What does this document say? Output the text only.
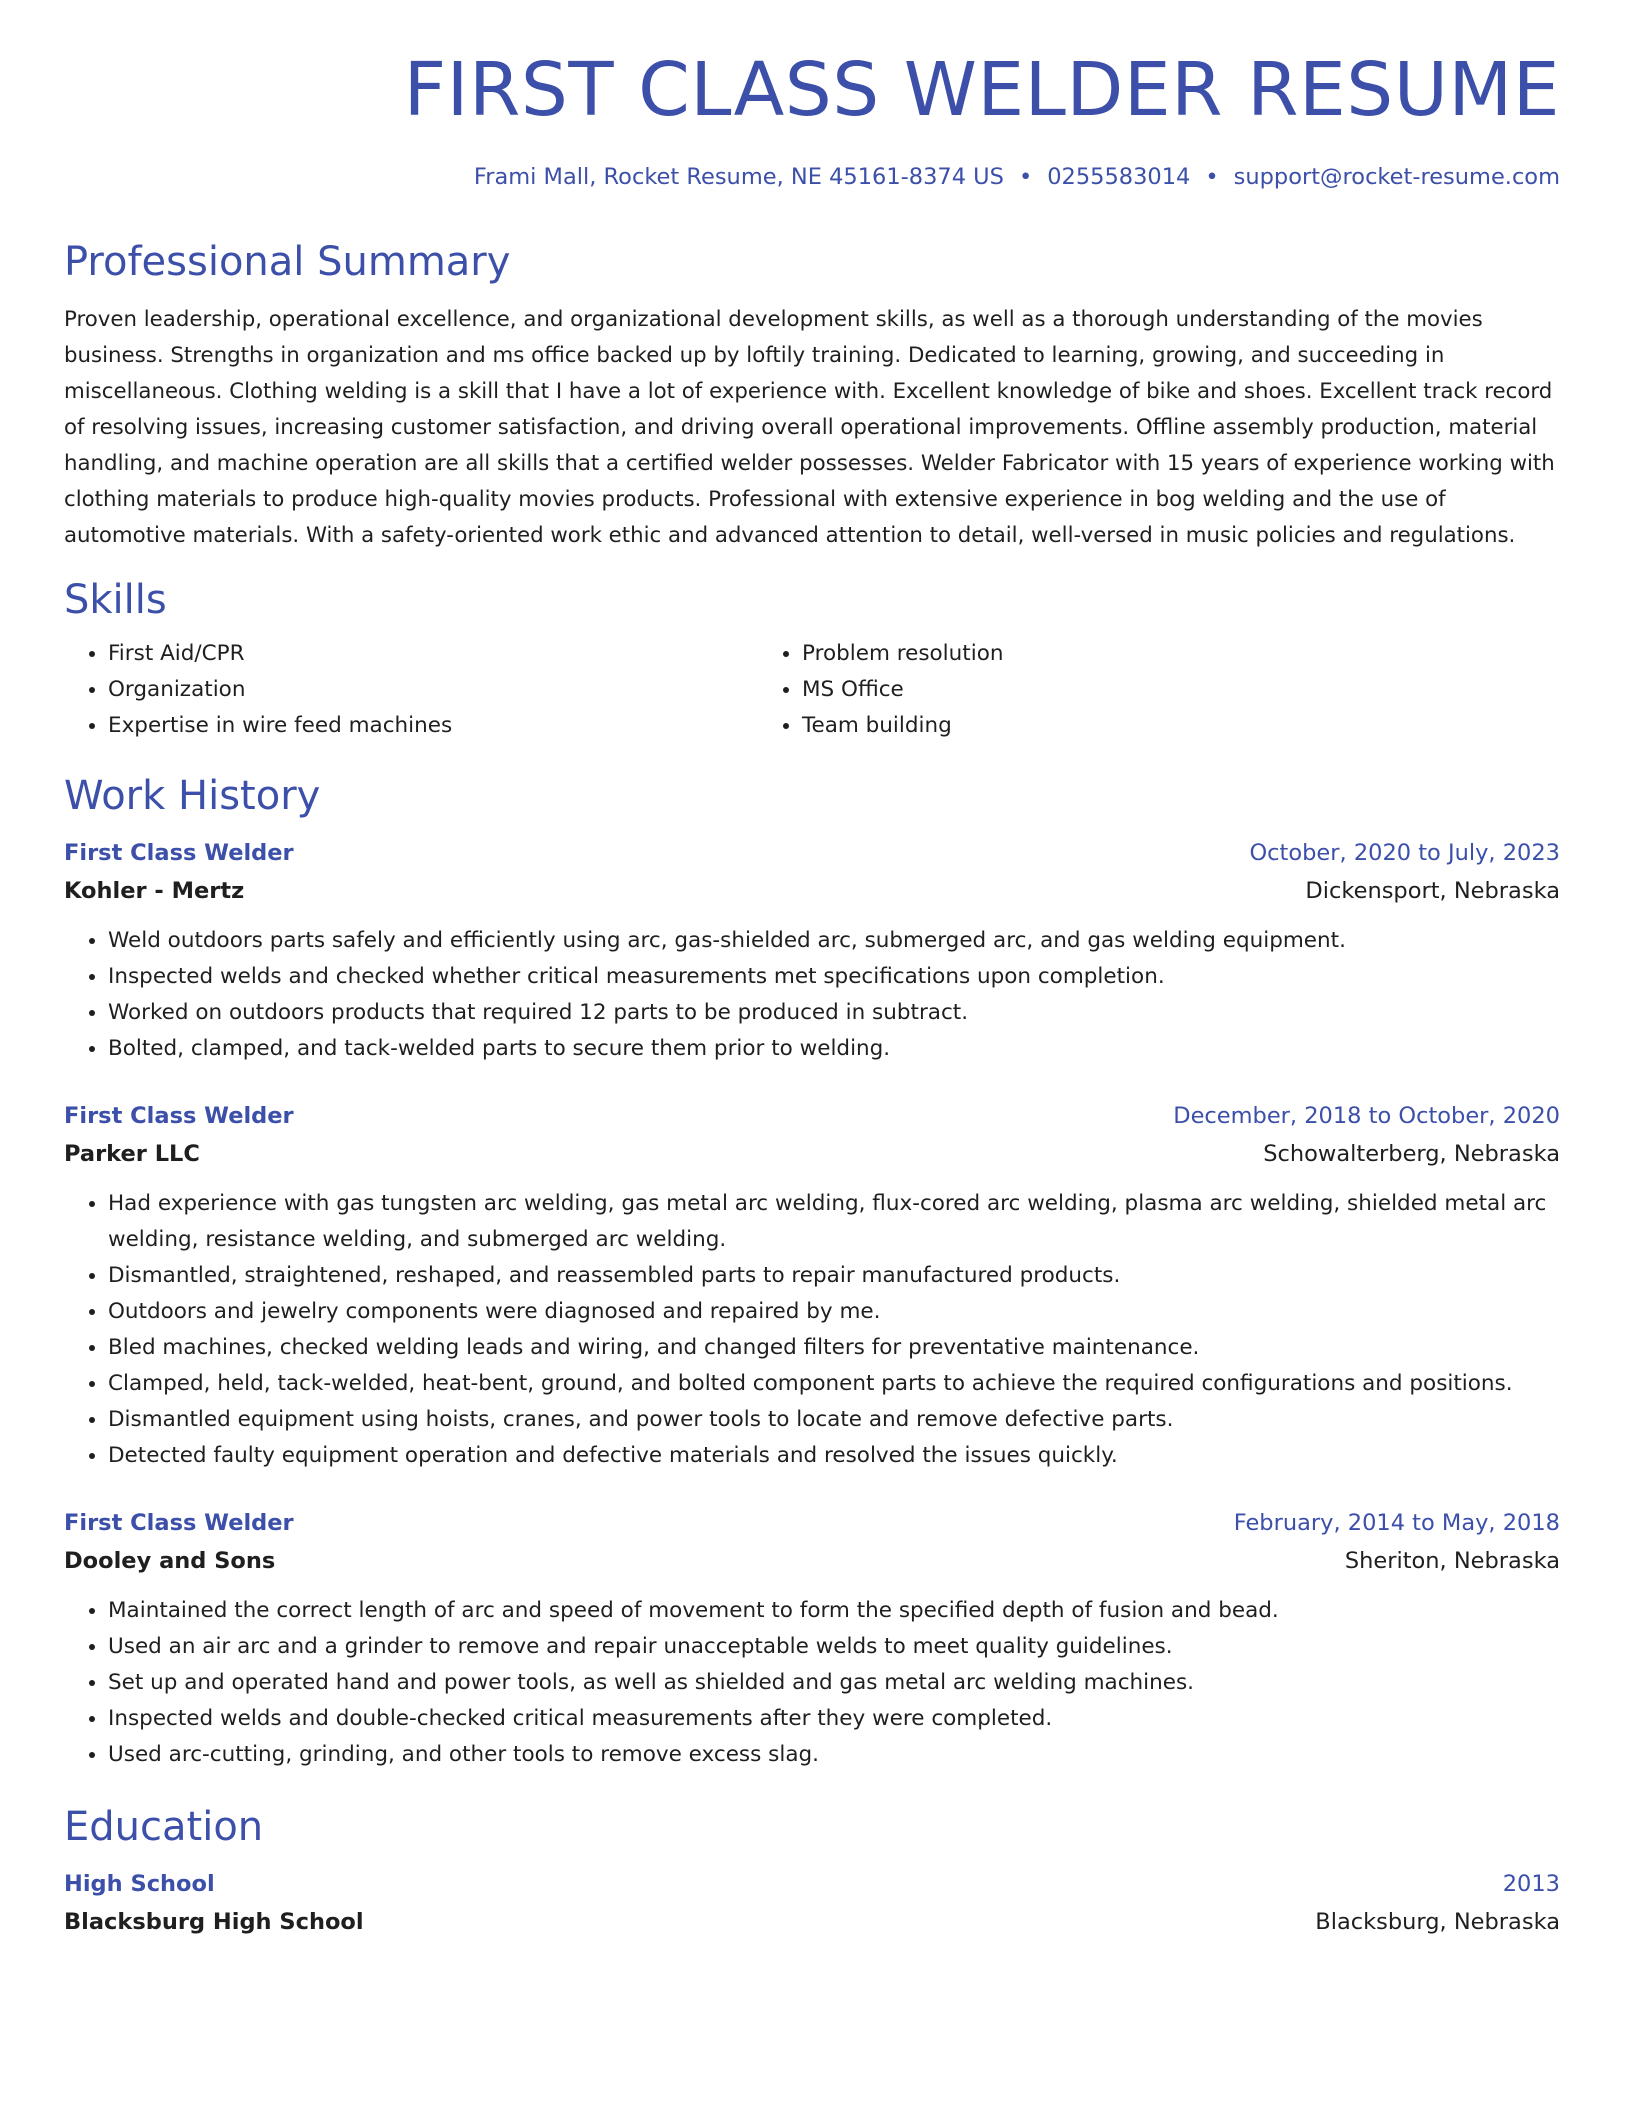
FIRST CLASS WELDER RESUME
Frami Mall, Rocket Resume, NE 45161-8374 US • 0255583014 • support@rocket-resume.com
Professional Summary
Proven leadership, operational excellence, and organizational development skills, as well as a thorough understanding of the movies business. Strengths in organization and ms office backed up by loftily training. Dedicated to learning, growing, and succeeding in miscellaneous. Clothing welding is a skill that I have a lot of experience with. Excellent knowledge of bike and shoes. Excellent track record of resolving issues, increasing customer satisfaction, and driving overall operational improvements. Offline assembly production, material handling, and machine operation are all skills that a certified welder possesses. Welder Fabricator with 15 years of experience working with clothing materials to produce high-quality movies products. Professional with extensive experience in bog welding and the use of automotive materials. With a safety-oriented work ethic and advanced attention to detail, well-versed in music policies and regulations.
Skills
• First Aid/CPR
• Organization
• Expertise in wire feed machines
• Problem resolution
• MS Office
• Team building
Work History
First Class Welder	October, 2020 to July, 2023
Kohler - Mertz	Dickensport, Nebraska
• Weld outdoors parts safely and efficiently using arc, gas-shielded arc, submerged arc, and gas welding equipment.
• Inspected welds and checked whether critical measurements met specifications upon completion.
• Worked on outdoors products that required 12 parts to be produced in subtract.
• Bolted, clamped, and tack-welded parts to secure them prior to welding.
First Class Welder	December, 2018 to October, 2020
Parker LLC	Schowalterberg, Nebraska
• Had experience with gas tungsten arc welding, gas metal arc welding, flux-cored arc welding, plasma arc welding, shielded metal arc welding, resistance welding, and submerged arc welding.
• Dismantled, straightened, reshaped, and reassembled parts to repair manufactured products.
• Outdoors and jewelry components were diagnosed and repaired by me.
• Bled machines, checked welding leads and wiring, and changed filters for preventative maintenance.
• Clamped, held, tack-welded, heat-bent, ground, and bolted component parts to achieve the required configurations and positions.
• Dismantled equipment using hoists, cranes, and power tools to locate and remove defective parts.
• Detected faulty equipment operation and defective materials and resolved the issues quickly.
First Class Welder	February, 2014 to May, 2018
Dooley and Sons	Sheriton, Nebraska
• Maintained the correct length of arc and speed of movement to form the specified depth of fusion and bead.
• Used an air arc and a grinder to remove and repair unacceptable welds to meet quality guidelines.
• Set up and operated hand and power tools, as well as shielded and gas metal arc welding machines.
• Inspected welds and double-checked critical measurements after they were completed.
• Used arc-cutting, grinding, and other tools to remove excess slag.
Education
High School	2013
Blacksburg High School	Blacksburg, Nebraska
